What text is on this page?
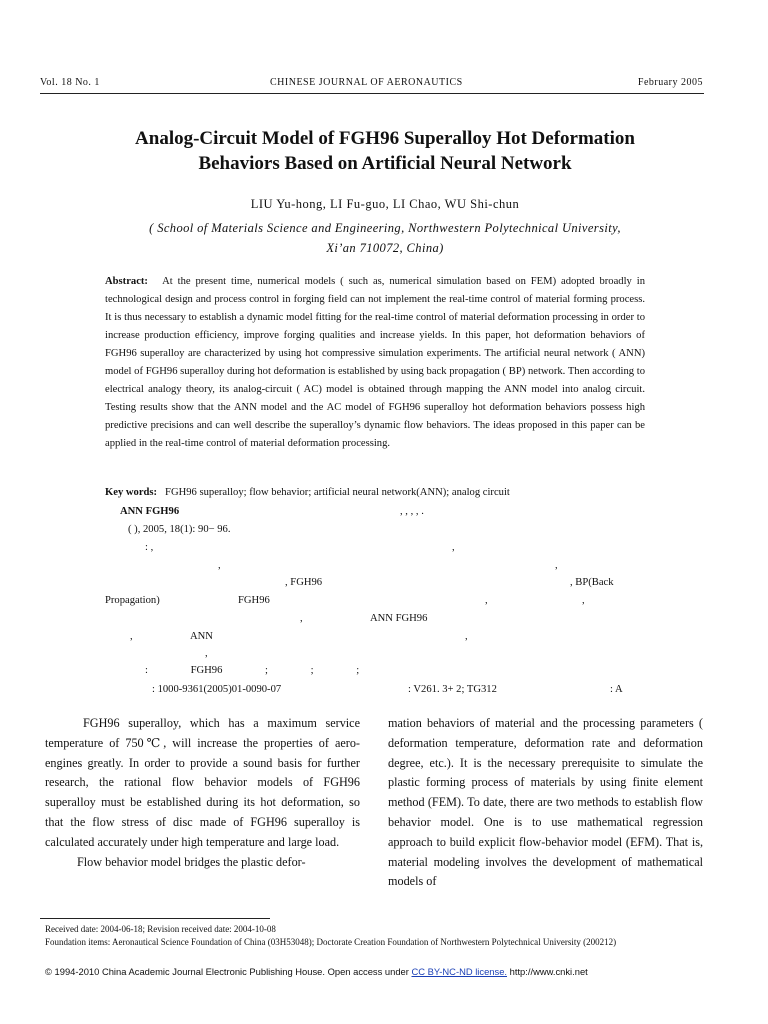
Vol. 18 No. 1	CHINESE JOURNAL OF AERONAUTICS	February 2005
Analog-Circuit Model of FGH96 Superalloy Hot Deformation
Behaviors Based on Artificial Neural Network
LIU Yu-hong, LI Fu-guo, LI Chao, WU Shi-chun
( School of Materials Science and Engineering, Northwestern Polytechnical University,
Xi’an 710072, China)
Abstract: At the present time, numerical models ( such as, numerical simulation based on FEM) adopted broadly in technological design and process control in forging field can not implement the real-time control of material forming process. It is thus necessary to establish a dynamic model fitting for the real-time control of material deformation processing in order to increase production efficiency, improve forging qualities and increase yields. In this paper, hot deformation behaviors of FGH96 superalloy are characterized by using hot compressive simulation experiments. The artificial neural network ( ANN) model of FGH96 superalloy during hot deformation is established by using back propagation ( BP) network. Then according to electrical analogy theory, its analog-circuit ( AC) model is obtained through mapping the ANN model into analog circuit. Testing results show that the ANN model and the AC model of FGH96 superalloy hot deformation behaviors possess high predictive precisions and can well describe the superalloy’s dynamic flow behaviors. The ideas proposed in this paper can be applied in the real-time control of material deformation processing.
Key words: FGH96 superalloy; flow behavior; artificial neural network(ANN); analog circuit
ANN FGH96	, , , , .
( ), 2005, 18(1): 90− 96.
: ,	,
,	,
, FGH96	, BP(Back
Propagation)	FGH96	,	,
,	ANN FGH96
,	ANN	,
,
: FGH96 ; ; ;
: 1000-9361(2005)01-0090-07	: V261. 3+ 2; TG312	: A

FGH96 superalloy, which has a maximum service temperature of 750℃, will increase the properties of aero-engines greatly. In order to provide a sound basis for further research, the rational flow behavior models of FGH96 superalloy must be established during its hot deformation, so that the flow stress of disc made of FGH96 superalloy is calculated accurately under high temperature and large load.

Flow behavior model bridges the plastic defor-

mation behaviors of material and the processing parameters ( deformation temperature, deformation rate and deformation degree, etc.). It is the necessary prerequisite to simulate the plastic forming process of materials by using finite element method (FEM). To date, there are two methods to establish flow behavior model. One is to use mathematical regression approach to build explicit flow-behavior model (EFM). That is, material modeling involves the development of mathematical models of

Received date: 2004-06-18; Revision received date: 2004-10-08
Foundation items: Aeronautical Science Foundation of China (03H53048); Doctorate Creation Foundation of Northwestern Polytechnical University (200212)
© 1994-2010 China Academic Journal Electronic Publishing House. Open access under CC BY-NC-ND license. http://www.cnki.net
